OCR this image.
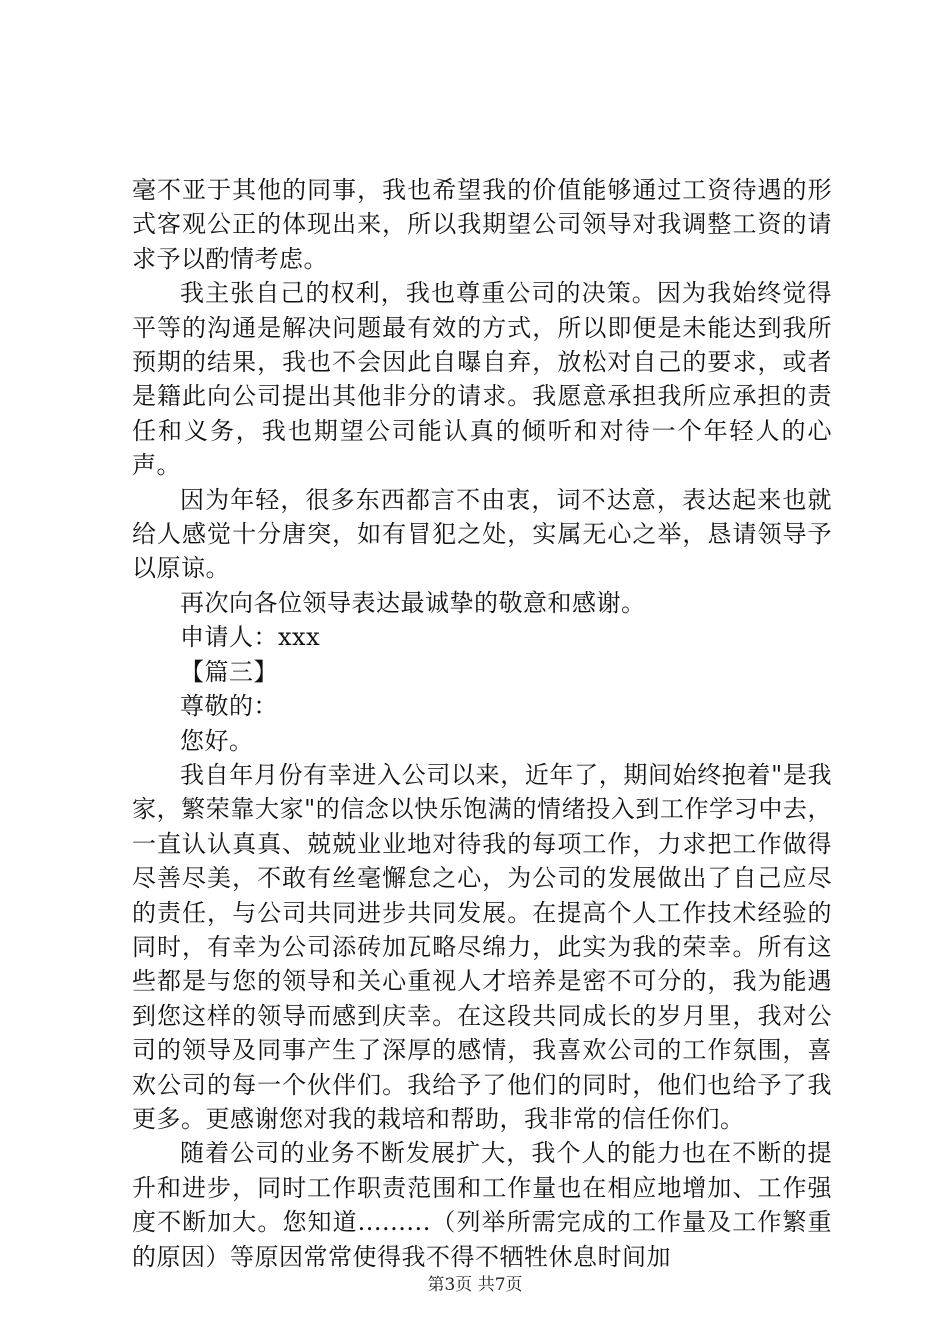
毫不亚于其他的同事，我也希望我的价值能够通过工资待遇的形式客观公正的体现出来，所以我期望公司领导对我调整工资的请求予以酌情考虑。

我主张自己的权利，我也尊重公司的决策。因为我始终觉得平等的沟通是解决问题最有效的方式，所以即便是未能达到我所预期的结果，我也不会因此自曝自弃，放松对自己的要求，或者是籍此向公司提出其他非分的请求。我愿意承担我所应承担的责任和义务，我也期望公司能认真的倾听和对待一个年轻人的心声。

因为年轻，很多东西都言不由衷，词不达意，表达起来也就给人感觉十分唐突，如有冒犯之处，实属无心之举，恳请领导予以原谅。

再次向各位领导表达最诚挚的敬意和感谢。

申请人：xxx

【篇三】

尊敬的：

您好。

我自年月份有幸进入公司以来，近年了，期间始终抱着"是我家，繁荣靠大家"的信念以快乐饱满的情绪投入到工作学习中去，一直认认真真、兢兢业业地对待我的每项工作，力求把工作做得尽善尽美，不敢有丝毫懈怠之心，为公司的发展做出了自己应尽的责任，与公司共同进步共同发展。在提高个人工作技术经验的同时，有幸为公司添砖加瓦略尽绵力，此实为我的荣幸。所有这些都是与您的领导和关心重视人才培养是密不可分的，我为能遇到您这样的领导而感到庆幸。在这段共同成长的岁月里，我对公司的领导及同事产生了深厚的感情，我喜欢公司的工作氛围，喜欢公司的每一个伙伴们。我给予了他们的同时，他们也给予了我更多。更感谢您对我的栽培和帮助，我非常的信任你们。

随着公司的业务不断发展扩大，我个人的能力也在不断的提升和进步，同时工作职责范围和工作量也在相应地增加、工作强度不断加大。您知道.........（列举所需完成的工作量及工作繁重的原因）等原因常常使得我不得不牺牲休息时间加

第3页 共7页
